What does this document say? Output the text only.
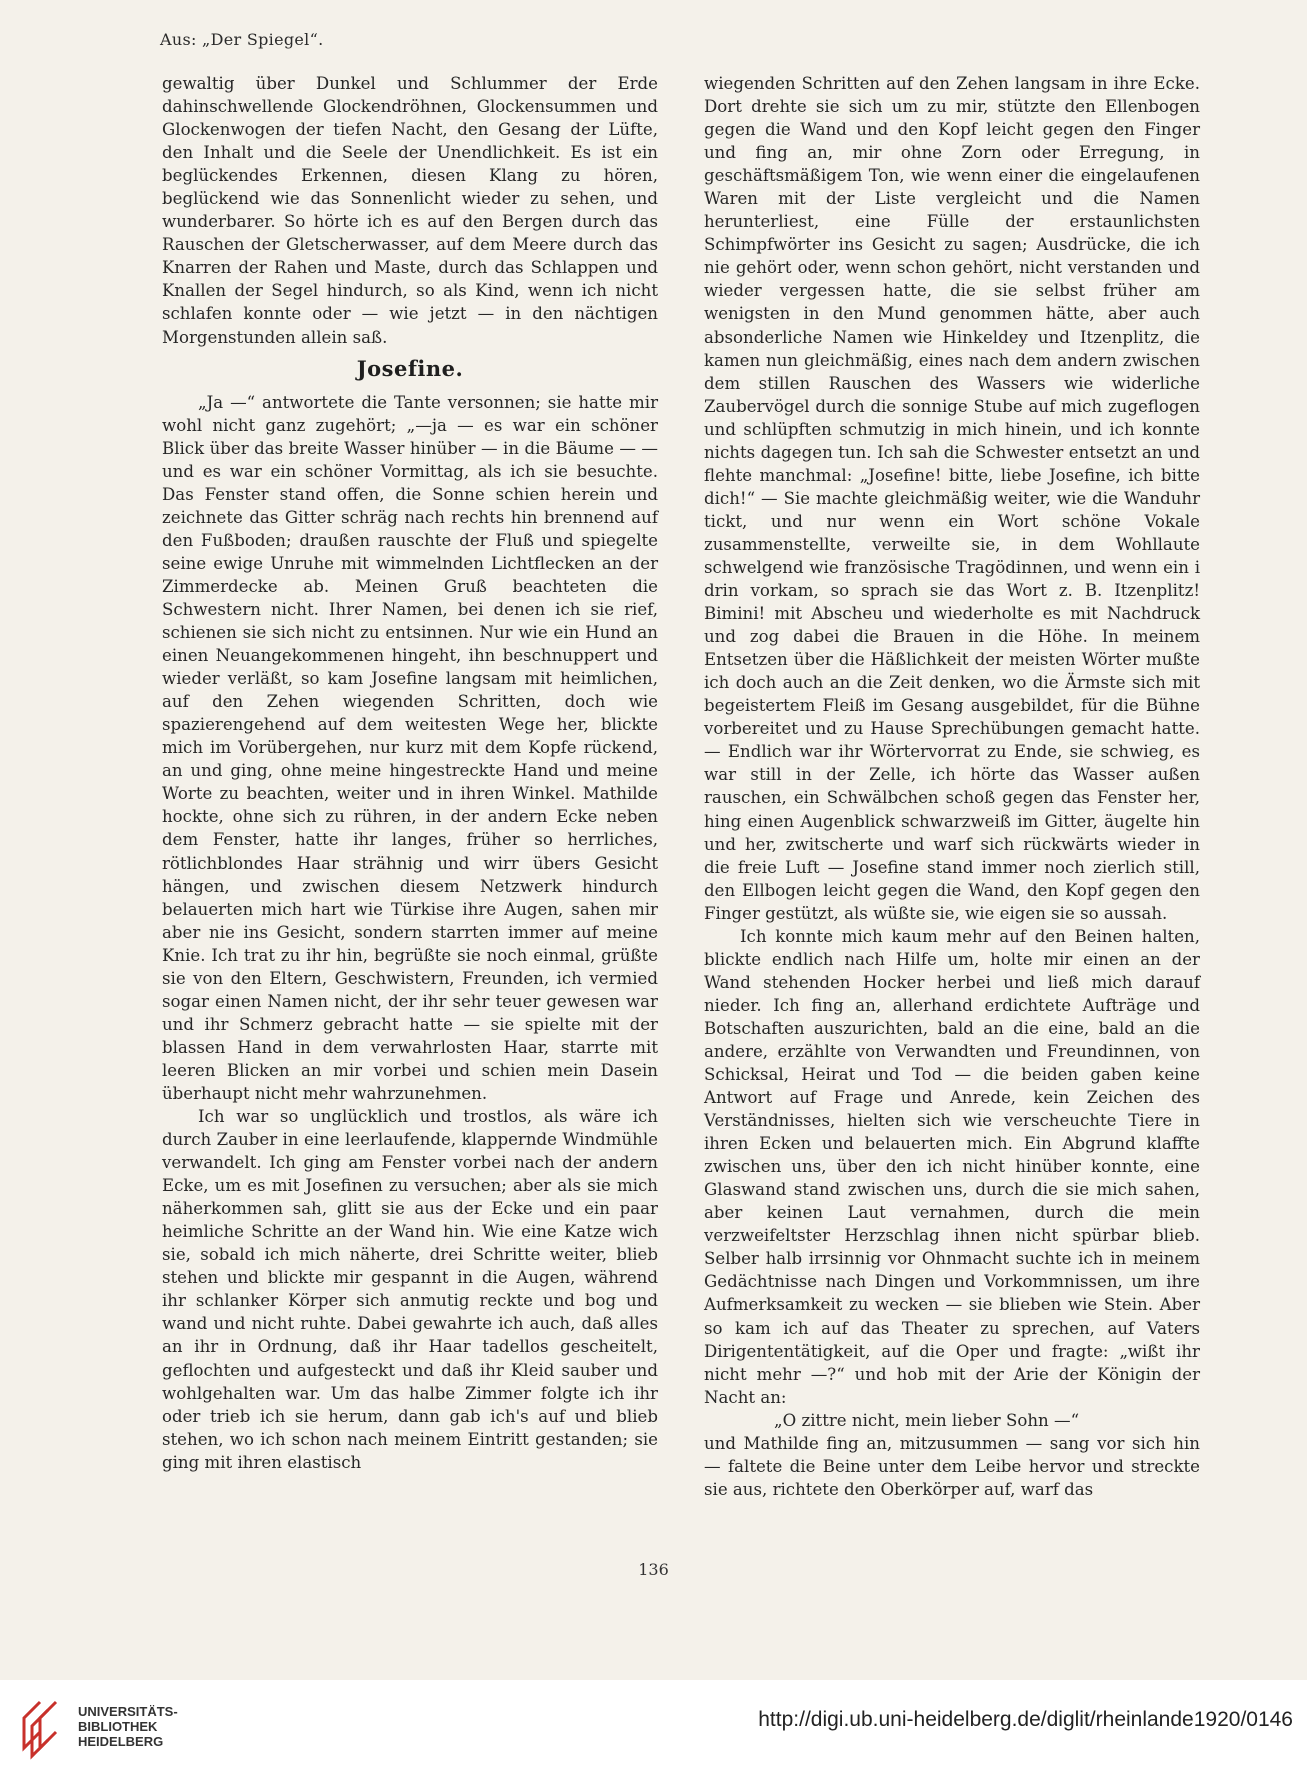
Aus: „Der Spiegel“.

gewaltig über Dunkel und Schlummer der Erde dahinschwellende Glockendröhnen, Glockensummen und Glockenwogen der tiefen Nacht, den Gesang der Lüfte, den Inhalt und die Seele der Unendlichkeit. Es ist ein beglückendes Erkennen, diesen Klang zu hören, beglückend wie das Sonnenlicht wieder zu sehen, und wunderbarer. So hörte ich es auf den Bergen durch das Rauschen der Gletscherwasser, auf dem Meere durch das Knarren der Rahen und Maste, durch das Schlappen und Knallen der Segel hindurch, so als Kind, wenn ich nicht schlafen konnte oder — wie jetzt — in den nächtigen Morgenstunden allein saß.

Josefine.

„Ja —“ antwortete die Tante versonnen; sie hatte mir wohl nicht ganz zugehört; „—ja — es war ein schöner Blick über das breite Wasser hinüber — in die Bäume — — und es war ein schöner Vormittag, als ich sie besuchte. Das Fenster stand offen, die Sonne schien herein und zeichnete das Gitter schräg nach rechts hin brennend auf den Fußboden; draußen rauschte der Fluß und spiegelte seine ewige Unruhe mit wimmelnden Lichtflecken an der Zimmerdecke ab. Meinen Gruß beachteten die Schwestern nicht. Ihrer Namen, bei denen ich sie rief, schienen sie sich nicht zu entsinnen. Nur wie ein Hund an einen Neuangekommenen hingeht, ihn beschnuppert und wieder verläßt, so kam Josefine langsam mit heimlichen, auf den Zehen wiegenden Schritten, doch wie spazierengehend auf dem weitesten Wege her, blickte mich im Vorübergehen, nur kurz mit dem Kopfe rückend, an und ging, ohne meine hingestreckte Hand und meine Worte zu beachten, weiter und in ihren Winkel. Mathilde hockte, ohne sich zu rühren, in der andern Ecke neben dem Fenster, hatte ihr langes, früher so herrliches, rötlichblondes Haar strähnig und wirr übers Gesicht hängen, und zwischen diesem Netzwerk hindurch belauerten mich hart wie Türkise ihre Augen, sahen mir aber nie ins Gesicht, sondern starrten immer auf meine Knie. Ich trat zu ihr hin, begrüßte sie noch einmal, grüßte sie von den Eltern, Geschwistern, Freunden, ich vermied sogar einen Namen nicht, der ihr sehr teuer gewesen war und ihr Schmerz gebracht hatte — sie spielte mit der blassen Hand in dem verwahrlosten Haar, starrte mit leeren Blicken an mir vorbei und schien mein Dasein überhaupt nicht mehr wahrzunehmen.

Ich war so unglücklich und trostlos, als wäre ich durch Zauber in eine leerlaufende, klappernde Windmühle verwandelt. Ich ging am Fenster vorbei nach der andern Ecke, um es mit Josefinen zu versuchen; aber als sie mich näherkommen sah, glitt sie aus der Ecke und ein paar heimliche Schritte an der Wand hin. Wie eine Katze wich sie, sobald ich mich näherte, drei Schritte weiter, blieb stehen und blickte mir gespannt in die Augen, während ihr schlanker Körper sich anmutig reckte und bog und wand und nicht ruhte. Dabei gewahrte ich auch, daß alles an ihr in Ordnung, daß ihr Haar tadellos gescheitelt, geflochten und aufgesteckt und daß ihr Kleid sauber und wohlgehalten war. Um das halbe Zimmer folgte ich ihr oder trieb ich sie herum, dann gab ich's auf und blieb stehen, wo ich schon nach meinem Eintritt gestanden; sie ging mit ihren elastisch

wiegenden Schritten auf den Zehen langsam in ihre Ecke. Dort drehte sie sich um zu mir, stützte den Ellenbogen gegen die Wand und den Kopf leicht gegen den Finger und fing an, mir ohne Zorn oder Erregung, in geschäftsmäßigem Ton, wie wenn einer die eingelaufenen Waren mit der Liste vergleicht und die Namen herunterliest, eine Fülle der erstaunlichsten Schimpfwörter ins Gesicht zu sagen; Ausdrücke, die ich nie gehört oder, wenn schon gehört, nicht verstanden und wieder vergessen hatte, die sie selbst früher am wenigsten in den Mund genommen hätte, aber auch absonderliche Namen wie Hinkeldey und Itzenplitz, die kamen nun gleichmäßig, eines nach dem andern zwischen dem stillen Rauschen des Wassers wie widerliche Zaubervögel durch die sonnige Stube auf mich zugeflogen und schlüpften schmutzig in mich hinein, und ich konnte nichts dagegen tun. Ich sah die Schwester entsetzt an und flehte manchmal: „Josefine! bitte, liebe Josefine, ich bitte dich!“ — Sie machte gleichmäßig weiter, wie die Wanduhr tickt, und nur wenn ein Wort schöne Vokale zusammenstellte, verweilte sie, in dem Wohllaute schwelgend wie französische Tragödinnen, und wenn ein i drin vorkam, so sprach sie das Wort z. B. Itzenplitz! Bimini! mit Abscheu und wiederholte es mit Nachdruck und zog dabei die Brauen in die Höhe. In meinem Entsetzen über die Häßlichkeit der meisten Wörter mußte ich doch auch an die Zeit denken, wo die Ärmste sich mit begeistertem Fleiß im Gesang ausgebildet, für die Bühne vorbereitet und zu Hause Sprechübungen gemacht hatte. — Endlich war ihr Wörtervorrat zu Ende, sie schwieg, es war still in der Zelle, ich hörte das Wasser außen rauschen, ein Schwälbchen schoß gegen das Fenster her, hing einen Augenblick schwarzweiß im Gitter, äugelte hin und her, zwitscherte und warf sich rückwärts wieder in die freie Luft — Josefine stand immer noch zierlich still, den Ellbogen leicht gegen die Wand, den Kopf gegen den Finger gestützt, als wüßte sie, wie eigen sie so aussah.

Ich konnte mich kaum mehr auf den Beinen halten, blickte endlich nach Hilfe um, holte mir einen an der Wand stehenden Hocker herbei und ließ mich darauf nieder. Ich fing an, allerhand erdichtete Aufträge und Botschaften auszurichten, bald an die eine, bald an die andere, erzählte von Verwandten und Freundinnen, von Schicksal, Heirat und Tod — die beiden gaben keine Antwort auf Frage und Anrede, kein Zeichen des Verständnisses, hielten sich wie verscheuchte Tiere in ihren Ecken und belauerten mich. Ein Abgrund klaffte zwischen uns, über den ich nicht hinüber konnte, eine Glaswand stand zwischen uns, durch die sie mich sahen, aber keinen Laut vernahmen, durch die mein verzweifeltster Herzschlag ihnen nicht spürbar blieb. Selber halb irrsinnig vor Ohnmacht suchte ich in meinem Gedächtnisse nach Dingen und Vorkommnissen, um ihre Aufmerksamkeit zu wecken — sie blieben wie Stein. Aber so kam ich auf das Theater zu sprechen, auf Vaters Dirigententätigkeit, auf die Oper und fragte: „wißt ihr nicht mehr —?“ und hob mit der Arie der Königin der Nacht an:

„O zittre nicht, mein lieber Sohn —“

und Mathilde fing an, mitzusummen — sang vor sich hin — faltete die Beine unter dem Leibe hervor und streckte sie aus, richtete den Oberkörper auf, warf das

136
UNIVERSITÄTS-
BIBLIOTHEK
HEIDELBERG
http://digi.ub.uni-heidelberg.de/diglit/rheinlande1920/0146
